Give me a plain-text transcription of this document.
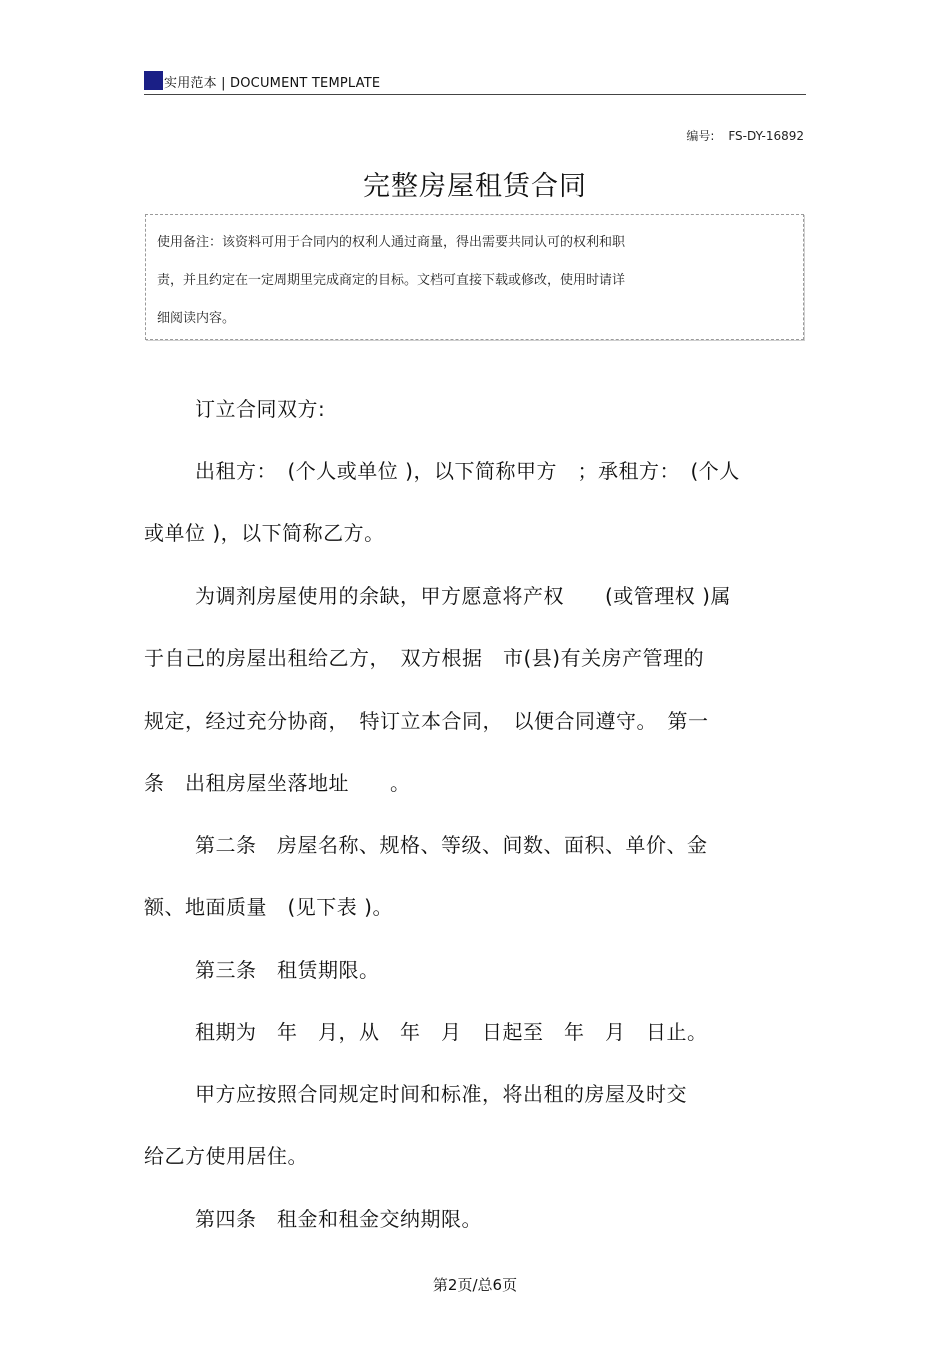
实用范本 | DOCUMENT TEMPLATE
编号: FS-DY-16892
完整房屋租赁合同
使用备注：该资料可用于合同内的权利人通过商量，得出需要共同认可的权利和职
责，并且约定在一定周期里完成商定的目标。文档可直接下载或修改，使用时请详
细阅读内容。
订立合同双方:
出租方：　(个人或单位 )，以下简称甲方　；承租方：　(个人
或单位 )，以下简称乙方。
为调剂房屋使用的余缺，甲方愿意将产权　　(或管理权 )属
于自己的房屋出租给乙方，　双方根据　市(县)有关房产管理的
规定，经过充分协商，　特订立本合同，　以便合同遵守。　第一
条　出租房屋坐落地址　　。
第二条　房屋名称、规格、等级、间数、面积、单价、金
额、地面质量　(见下表 )。
第三条　租赁期限。
租期为　年　月，从　年　月　日起至　年　月　日止。
甲方应按照合同规定时间和标准，将出租的房屋及时交
给乙方使用居住。
第四条　租金和租金交纳期限。
第2页/总6页
